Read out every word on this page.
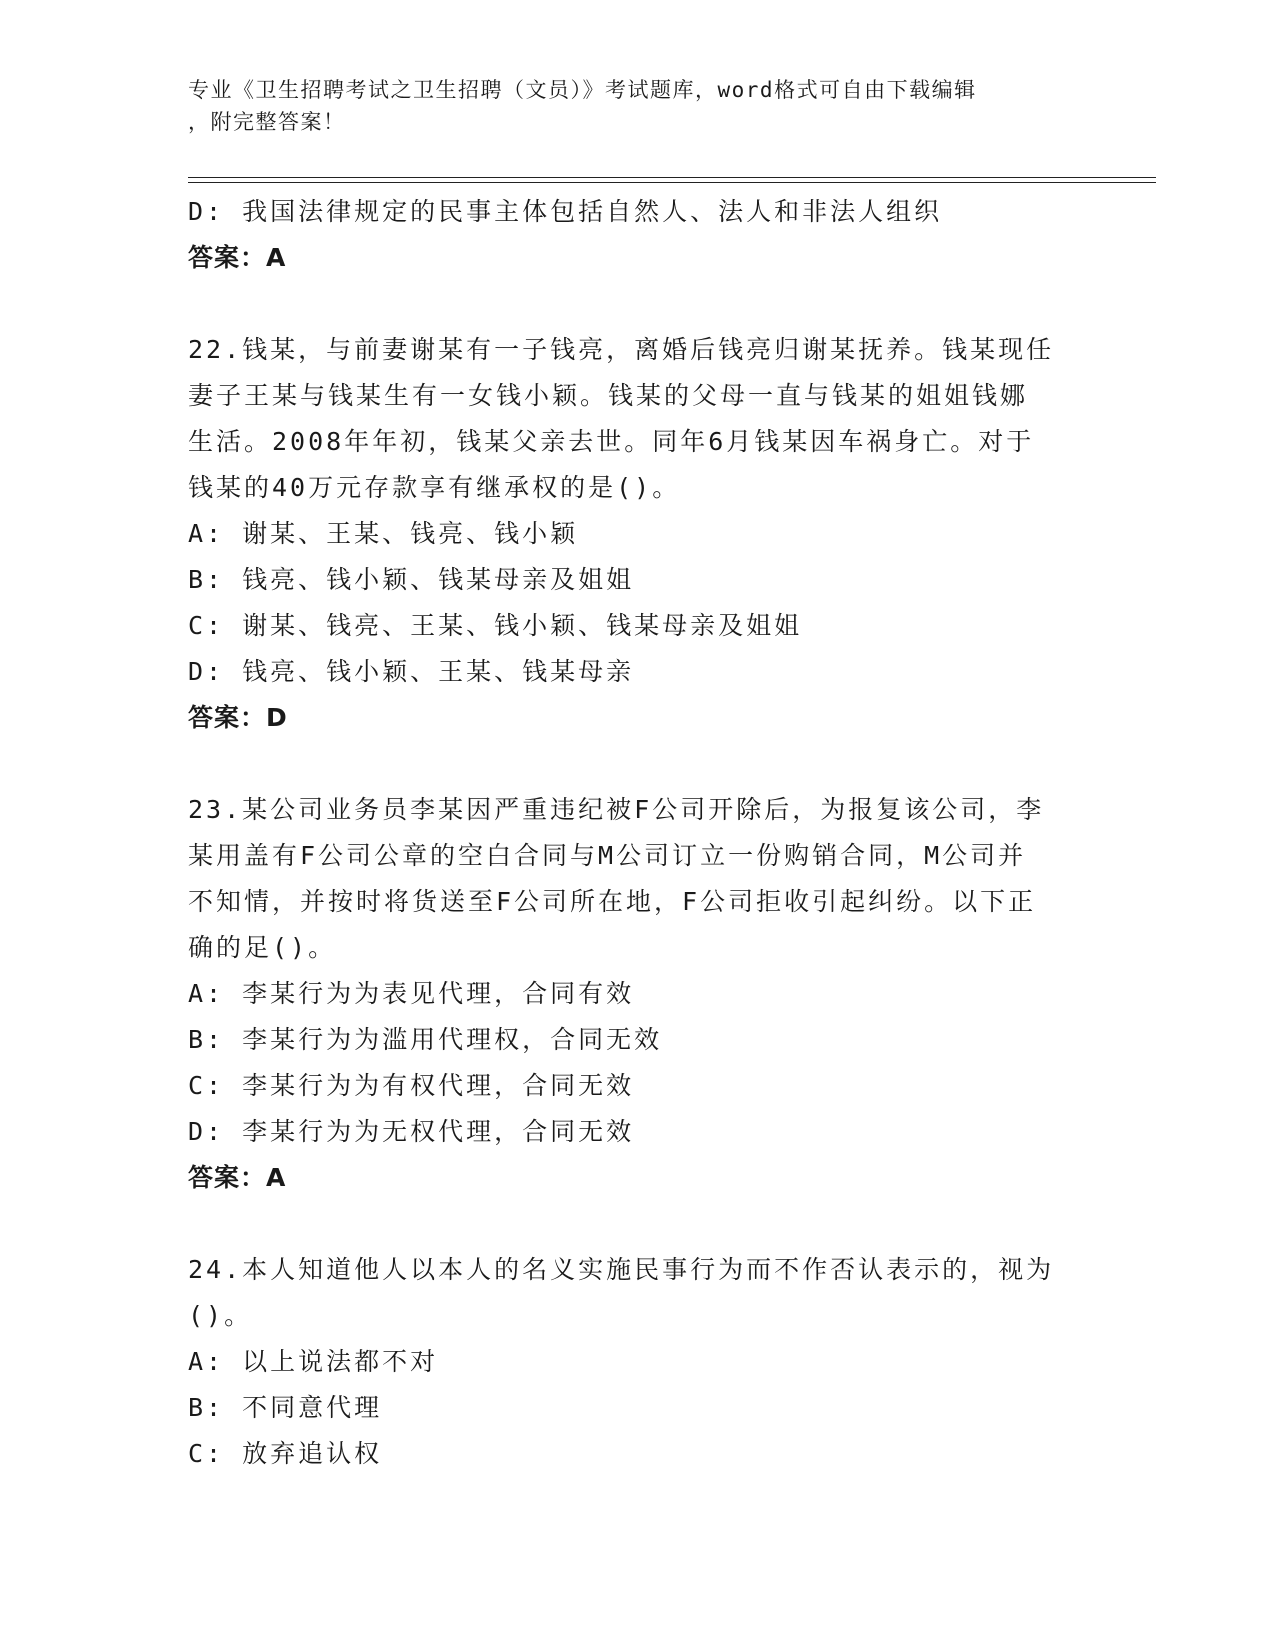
专业《卫生招聘考试之卫生招聘（文员）》考试题库，word格式可自由下载编辑
，附完整答案！
D: 我国法律规定的民事主体包括自然人、法人和非法人组织
答案：A
22.钱某，与前妻谢某有一子钱亮，离婚后钱亮归谢某抚养。钱某现任
妻子王某与钱某生有一女钱小颖。钱某的父母一直与钱某的姐姐钱娜
生活。2008年年初，钱某父亲去世。同年6月钱某因车祸身亡。对于
钱某的40万元存款享有继承权的是()。
A: 谢某、王某、钱亮、钱小颖
B: 钱亮、钱小颖、钱某母亲及姐姐
C: 谢某、钱亮、王某、钱小颖、钱某母亲及姐姐
D: 钱亮、钱小颖、王某、钱某母亲
答案：D
23.某公司业务员李某因严重违纪被F公司开除后，为报复该公司，李
某用盖有F公司公章的空白合同与M公司订立一份购销合同，M公司并
不知情，并按时将货送至F公司所在地，F公司拒收引起纠纷。以下正
确的足()。
A: 李某行为为表见代理，合同有效
B: 李某行为为滥用代理权，合同无效
C: 李某行为为有权代理，合同无效
D: 李某行为为无权代理，合同无效
答案：A
24.本人知道他人以本人的名义实施民事行为而不作否认表示的，视为
()。
A: 以上说法都不对
B: 不同意代理
C: 放弃追认权
